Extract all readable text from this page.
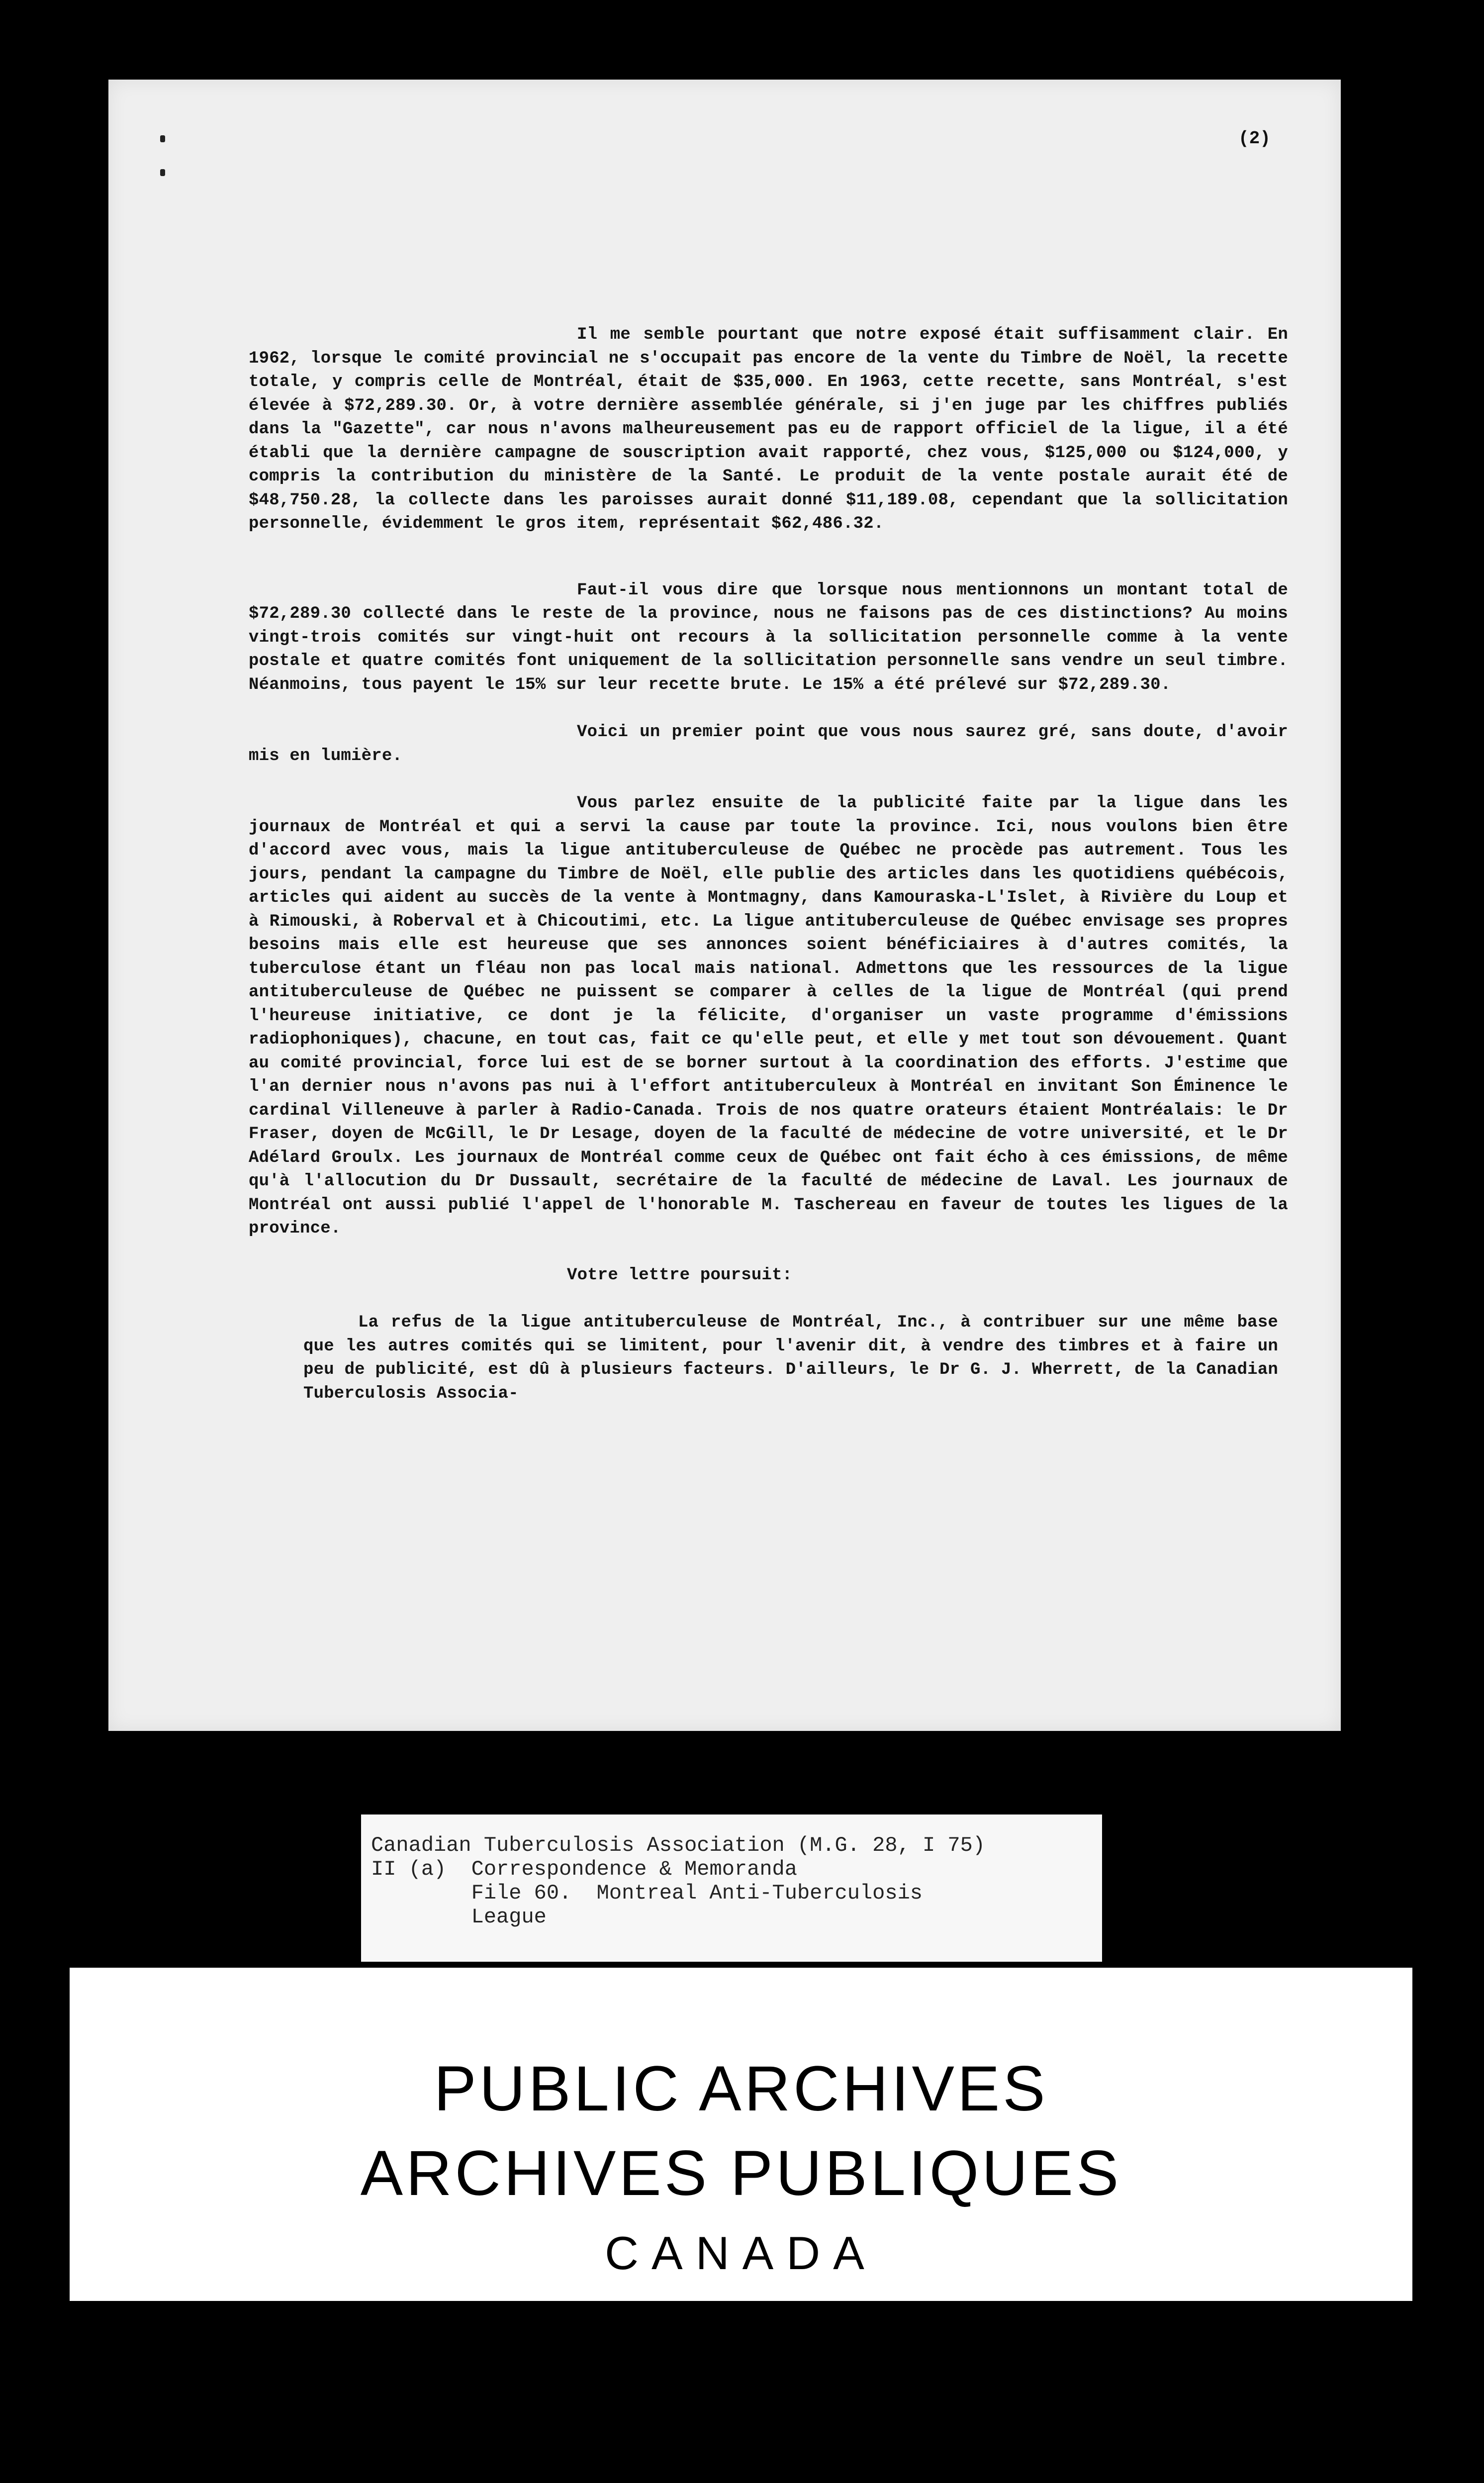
(2)

Il me semble pourtant que notre exposé était suffisamment clair. En 1962, lorsque le comité provincial ne s'occupait pas encore de la vente du Timbre de Noël, la recette totale, y compris celle de Montréal, était de $35,000. En 1963, cette recette, sans Montréal, s'est élevée à $72,289.30. Or, à votre dernière assemblée générale, si j'en juge par les chiffres publiés dans la "Gazette", car nous n'avons malheureusement pas eu de rapport officiel de la ligue, il a été établi que la dernière campagne de souscription avait rapporté, chez vous, $125,000 ou $124,000, y compris la contribution du ministère de la Santé. Le produit de la vente postale aurait été de $48,750.28, la collecte dans les paroisses aurait donné $11,189.08, cependant que la sollicitation personnelle, évidemment le gros item, représentait $62,486.32.

Faut-il vous dire que lorsque nous mentionnons un montant total de $72,289.30 collecté dans le reste de la province, nous ne faisons pas de ces distinctions? Au moins vingt-trois comités sur vingt-huit ont recours à la sollicitation personnelle comme à la vente postale et quatre comités font uniquement de la sollicitation personnelle sans vendre un seul timbre. Néanmoins, tous payent le 15% sur leur recette brute. Le 15% a été prélevé sur $72,289.30.

Voici un premier point que vous nous saurez gré, sans doute, d'avoir mis en lumière.

Vous parlez ensuite de la publicité faite par la ligue dans les journaux de Montréal et qui a servi la cause par toute la province. Ici, nous voulons bien être d'accord avec vous, mais la ligue antituberculeuse de Québec ne procède pas autrement. Tous les jours, pendant la campagne du Timbre de Noël, elle publie des articles dans les quotidiens québécois, articles qui aident au succès de la vente à Montmagny, dans Kamouraska-L'Islet, à Rivière du Loup et à Rimouski, à Roberval et à Chicoutimi, etc. La ligue antituberculeuse de Québec envisage ses propres besoins mais elle est heureuse que ses annonces soient bénéficiaires à d'autres comités, la tuberculose étant un fléau non pas local mais national. Admettons que les ressources de la ligue antituberculeuse de Québec ne puissent se comparer à celles de la ligue de Montréal (qui prend l'heureuse initiative, ce dont je la félicite, d'organiser un vaste programme d'émissions radiophoniques), chacune, en tout cas, fait ce qu'elle peut, et elle y met tout son dévouement. Quant au comité provincial, force lui est de se borner surtout à la coordination des efforts. J'estime que l'an dernier nous n'avons pas nui à l'effort antituberculeux à Montréal en invitant Son Éminence le cardinal Villeneuve à parler à Radio-Canada. Trois de nos quatre orateurs étaient Montréalais: le Dr Fraser, doyen de McGill, le Dr Lesage, doyen de la faculté de médecine de votre université, et le Dr Adélard Groulx. Les journaux de Montréal comme ceux de Québec ont fait écho à ces émissions, de même qu'à l'allocution du Dr Dussault, secrétaire de la faculté de médecine de Laval. Les journaux de Montréal ont aussi publié l'appel de l'honorable M. Taschereau en faveur de toutes les ligues de la province.

Votre lettre poursuit:

La refus de la ligue antituberculeuse de Montréal, Inc., à contribuer sur une même base que les autres comités qui se limitent, pour l'avenir dit, à vendre des timbres et à faire un peu de publicité, est dû à plusieurs facteurs. D'ailleurs, le Dr G. J. Wherrett, de la Canadian Tuberculosis Associa-

Canadian Tuberculosis Association (M.G. 28, I 75)
II (a)  Correspondence & Memoranda
File 60.  Montreal Anti-Tuberculosis
League
PUBLIC ARCHIVES
ARCHIVES PUBLIQUES
CANADA
